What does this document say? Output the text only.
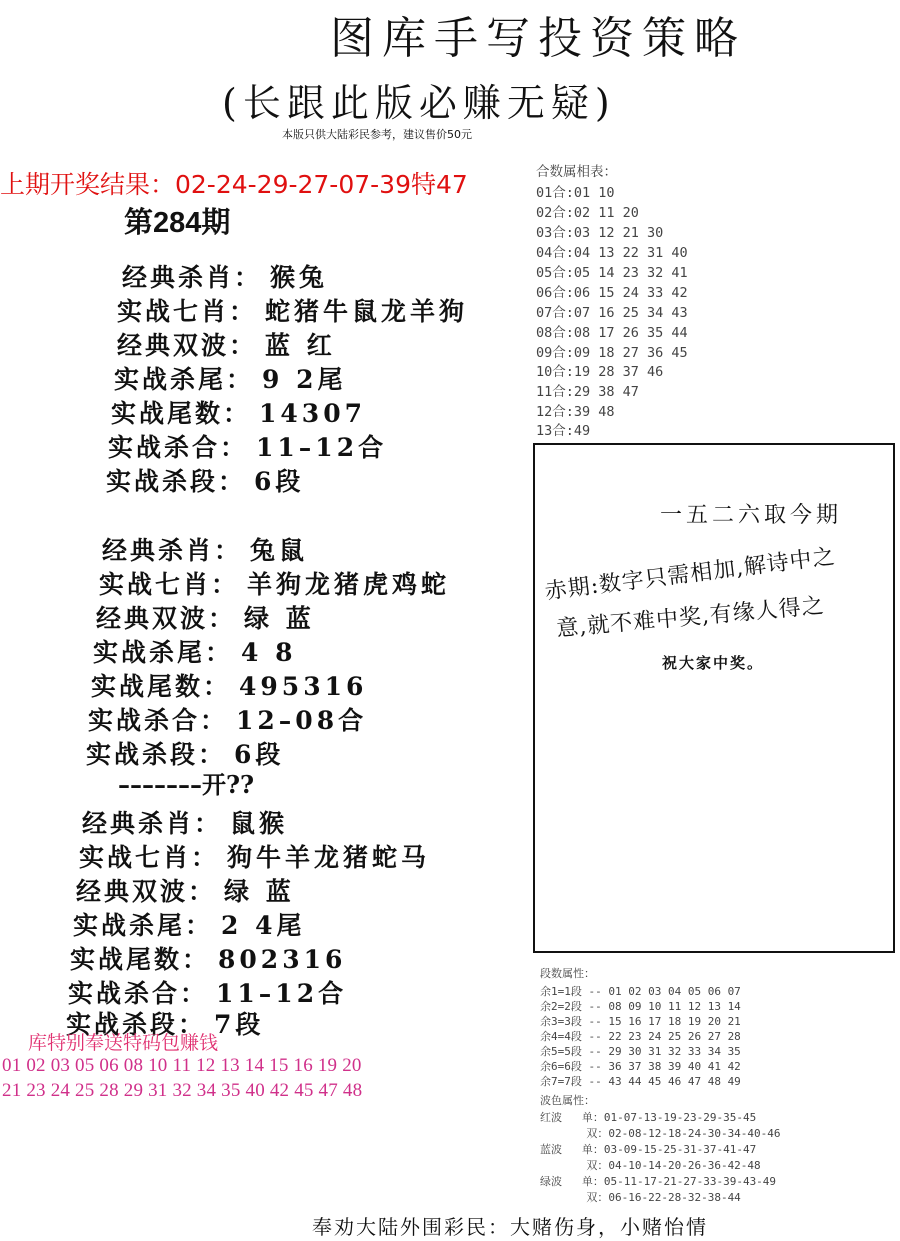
图库手写投资策略
(长跟此版必赚无疑)
本版只供大陆彩民参考，建议售价50元
上期开奖结果：02-24-29-27-07-39特47
第284期
经典杀肖： 猴兔
实战七肖： 蛇猪牛鼠龙羊狗
经典双波： 蓝 红
实战杀尾： 9 2尾
实战尾数： 14307
实战杀合： 11–12合
实战杀段： 6段
经典杀肖： 兔鼠
实战七肖： 羊狗龙猪虎鸡蛇
经典双波： 绿 蓝
实战杀尾： 4 8
实战尾数： 495316
实战杀合： 12–08合
实战杀段： 6段
–––––––开??
经典杀肖： 鼠猴
实战七肖： 狗牛羊龙猪蛇马
经典双波： 绿 蓝
实战杀尾： 2 4尾
实战尾数： 802316
实战杀合： 11–12合
实战杀段： 7段
库特别奉送特码包赚钱
01 02 03 05 06 08 10 11 12 13 14 15 16 19 20
21 23 24 25 28 29 31 32 34 35 40 42 45 47 48
合数属相表：
01合:01 10
02合:02 11 20
03合:03 12 21 30
04合:04 13 22 31 40
05合:05 14 23 32 41
06合:06 15 24 33 42
07合:07 16 25 34 43
08合:08 17 26 35 44
09合:09 18 27 36 45
10合:19 28 37 46
11合:29 38 47
12合:39 48
13合:49
一五二六取今期
赤期:数字只需相加,解诗中之
意,就不难中奖,有缘人得之
祝大家中奖。
段数属性：
余1=1段 -- 01 02 03 04 05 06 07
余2=2段 -- 08 09 10 11 12 13 14
余3=3段 -- 15 16 17 18 19 20 21
余4=4段 -- 22 23 24 25 26 27 28
余5=5段 -- 29 30 31 32 33 34 35
余6=6段 -- 36 37 38 39 40 41 42
余7=7段 -- 43 44 45 46 47 48 49
波色属性：
红波   单：01-07-13-19-23-29-35-45
双：02-08-12-18-24-30-34-40-46
蓝波   单：03-09-15-25-31-37-41-47
双：04-10-14-20-26-36-42-48
绿波   单：05-11-17-21-27-33-39-43-49
双：06-16-22-28-32-38-44
奉劝大陆外围彩民：大赌伤身，小赌怡情
